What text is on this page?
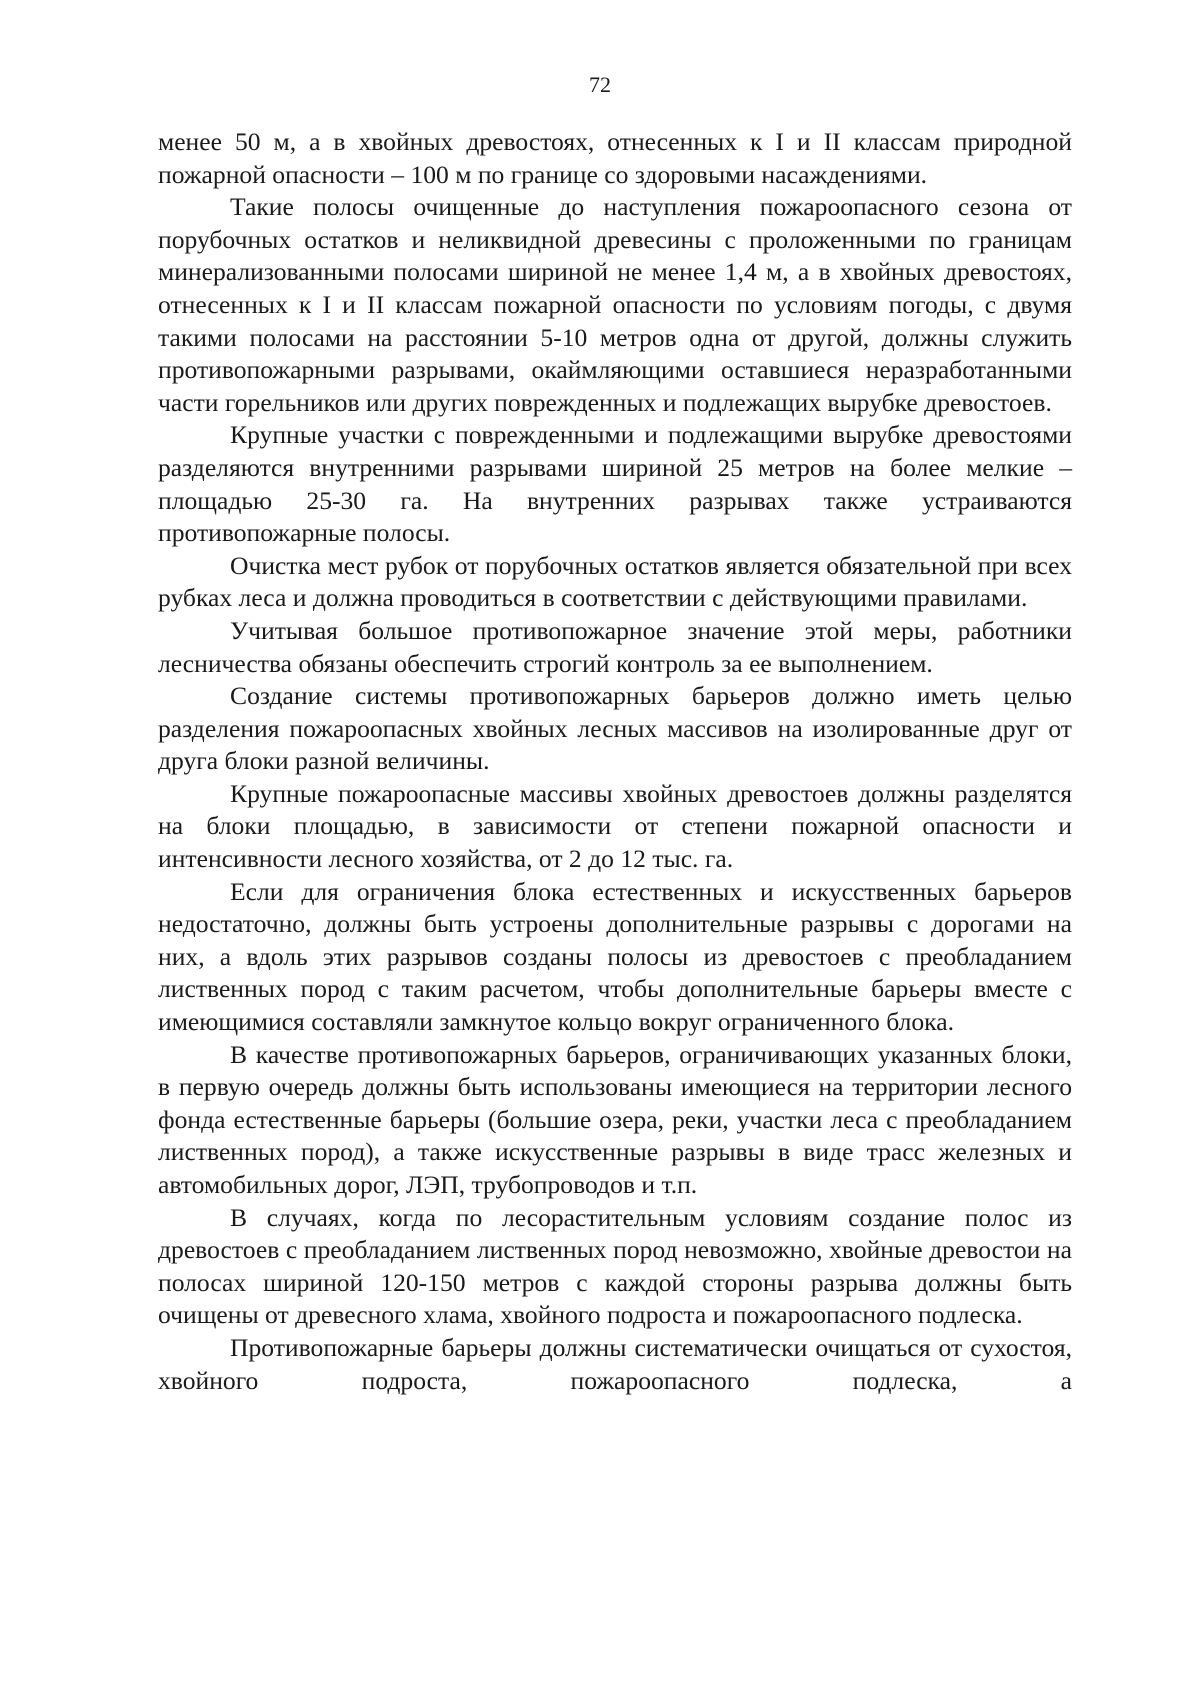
72

менее 50 м, а в хвойных древостоях, отнесенных к I и II классам природной пожарной опасности – 100 м по границе со здоровыми насаждениями.

Такие полосы очищенные до наступления пожароопасного сезона от порубочных остатков и неликвидной древесины с проложенными по границам минерализованными полосами шириной не менее 1,4 м, а в хвойных древостоях, отнесенных к I и II классам пожарной опасности по условиям погоды, с двумя такими полосами на расстоянии 5-10 метров одна от другой, должны служить противопожарными разрывами, окаймляющими оставшиеся неразработанными части горельников или других поврежденных и подлежащих вырубке древостоев.

Крупные участки с поврежденными и подлежащими вырубке древостоями разделяются внутренними разрывами шириной 25 метров на более мелкие – площадью 25-30 га. На внутренних разрывах также устраиваются противопожарные полосы.

Очистка мест рубок от порубочных остатков является обязательной при всех рубках леса и должна проводиться в соответствии с действующими правилами.

Учитывая большое противопожарное значение этой меры, работники лесничества обязаны обеспечить строгий контроль за ее выполнением.

Создание системы противопожарных барьеров должно иметь целью разделения пожароопасных хвойных лесных массивов на изолированные друг от друга блоки разной величины.

Крупные пожароопасные массивы хвойных древостоев должны разделятся на блоки площадью, в зависимости от степени пожарной опасности и интенсивности лесного хозяйства, от 2 до 12 тыс. га.

Если для ограничения блока естественных и искусственных барьеров недостаточно, должны быть устроены дополнительные разрывы с дорогами на них, а вдоль этих разрывов созданы полосы из древостоев с преобладанием лиственных пород с таким расчетом, чтобы дополнительные барьеры вместе с имеющимися составляли замкнутое кольцо вокруг ограниченного блока.

В качестве противопожарных барьеров, ограничивающих указанных блоки, в первую очередь должны быть использованы имеющиеся на территории лесного фонда естественные барьеры (большие озера, реки, участки леса с преобладанием лиственных пород), а также искусственные разрывы в виде трасс железных и автомобильных дорог, ЛЭП, трубопроводов и т.п.

В случаях, когда по лесорастительным условиям создание полос из древостоев с преобладанием лиственных пород невозможно, хвойные древостои на полосах шириной 120-150 метров с каждой стороны разрыва должны быть очищены от древесного хлама, хвойного подроста и пожароопасного подлеска.

Противопожарные барьеры должны систематически очищаться от сухостоя, хвойного подроста, пожароопасного подлеска, а
